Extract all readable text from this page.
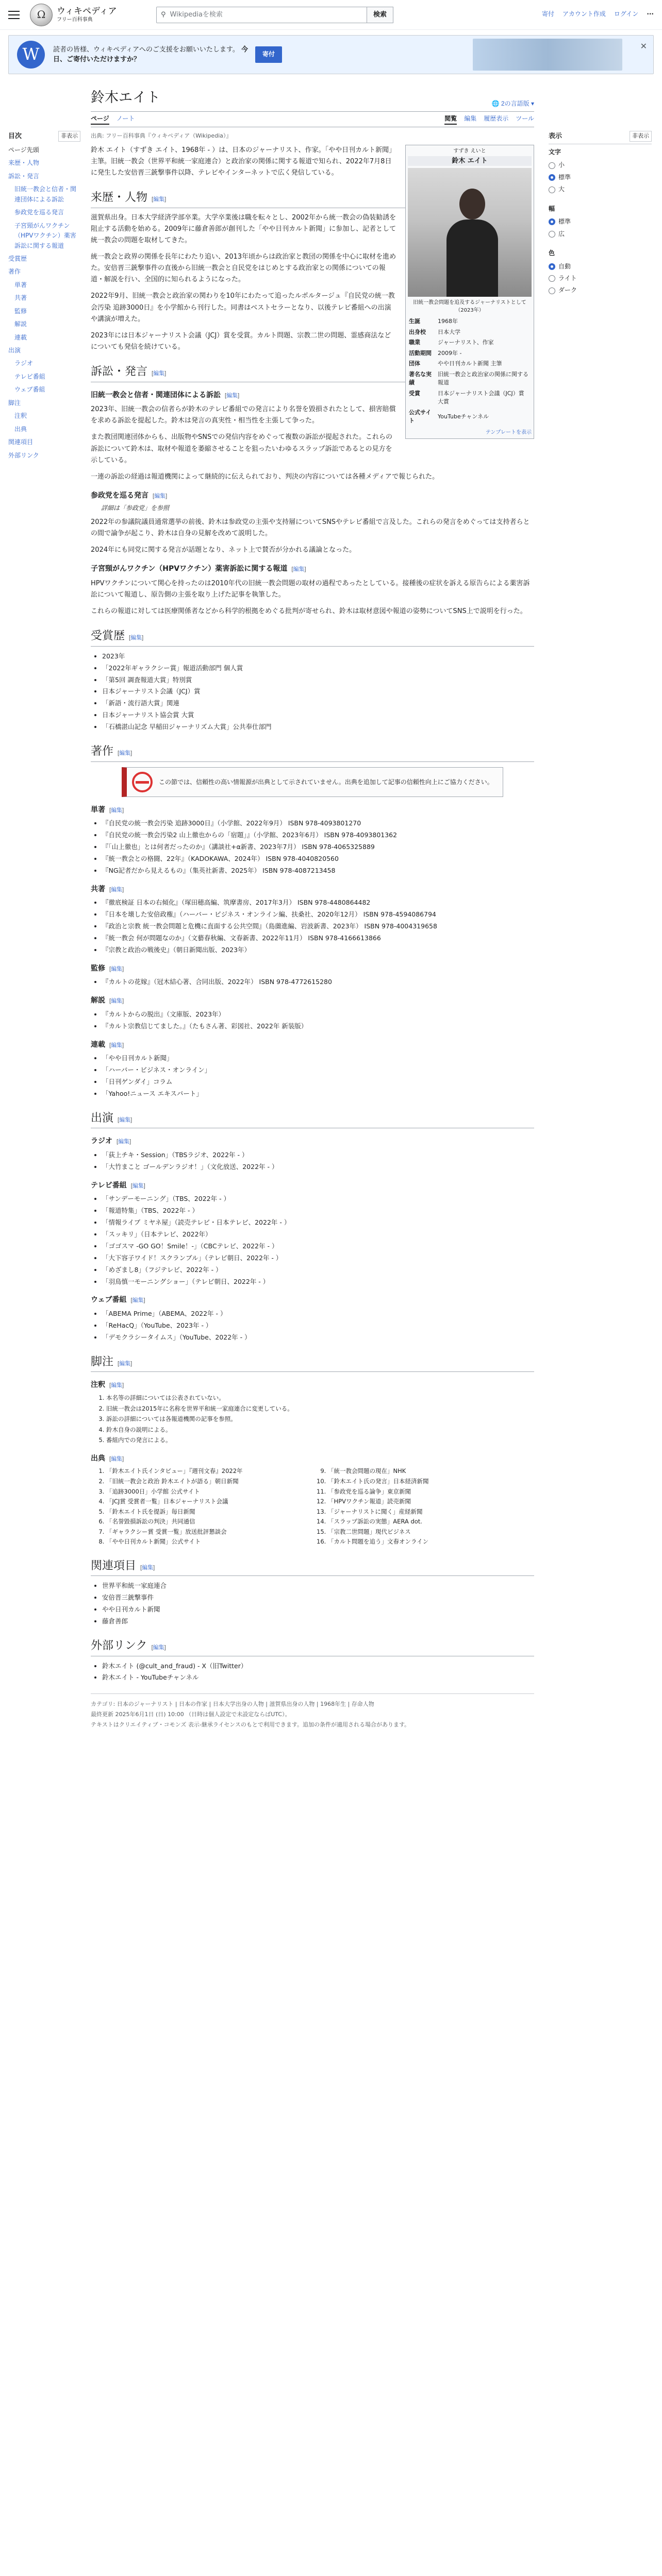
Ω	ウィキペディア
フリー百科事典
⚲ Wikipediaを検索	検索	寄付 アカウント作成 ログイン ···
W	読者の皆様、ウィキペディアへのご支援をお願いいたします。 今日、ご寄付いただけますか？
寄付
✕
目次	非表示
ページ先頭
来歴・人物
訴訟・発言
旧統一教会と信者・関連団体による訴訟
参政党を巡る発言
子宮頸がんワクチン（HPVワクチン）薬害訴訟に関する報道
受賞歴
著作
単著
共著
監修
解説
連載
出演
ラジオ
テレビ番組
ウェブ番組
脚注
注釈
出典
関連項目
外部リンク
鈴木エイト	🌐 2の言語版 ▾
ページ ノート	閲覧 編集 履歴表示 ツール
出典: フリー百科事典『ウィキペディア（Wikipedia）』
すずき えいと
鈴木 エイト
旧統一教会問題を追及するジャーナリストとして（2023年）
生誕	1968年
出身校	日本大学
職業	ジャーナリスト、作家
活動期間	2009年 -
団体	やや日刊カルト新聞 主筆
著名な実績	旧統一教会と政治家の関係に関する報道
受賞	日本ジャーナリスト会議（JCJ）賞 大賞
公式サイト	YouTubeチャンネル
テンプレートを表示

鈴木 エイト（すずき エイト、1968年 - ）は、日本のジャーナリスト、作家。「やや日刊カルト新聞」主筆。旧統一教会（世界平和統一家庭連合）と政治家の関係に関する報道で知られ、2022年7月8日に発生した安倍晋三銃撃事件以降、テレビやインターネットで広く発信している。

来歴・人物 [編集]

滋賀県出身。日本大学経済学部卒業。大学卒業後は職を転々とし、2002年から統一教会の偽装勧誘を阻止する活動を始める。2009年に藤倉善郎が創刊した「やや日刊カルト新聞」に参加し、記者として統一教会の問題を取材してきた。

統一教会と政界の関係を長年にわたり追い、2013年頃からは政治家と教団の関係を中心に取材を進めた。安倍晋三銃撃事件の直後から旧統一教会と自民党をはじめとする政治家との関係についての報道・解説を行い、全国的に知られるようになった。

2022年9月、旧統一教会と政治家の関わりを10年にわたって追ったルポルタージュ『自民党の統一教会汚染 追跡3000日』を小学館から刊行した。同書はベストセラーとなり、以後テレビ番組への出演や講演が増えた。

2023年には日本ジャーナリスト会議（JCJ）賞を受賞。カルト問題、宗教二世の問題、霊感商法などについても発信を続けている。

訴訟・発言 [編集]
旧統一教会と信者・関連団体による訴訟 [編集]

2023年、旧統一教会の信者らが鈴木のテレビ番組での発言により名誉を毀損されたとして、損害賠償を求める訴訟を提起した。鈴木は発言の真実性・相当性を主張して争った。

また教団関連団体からも、出版物やSNSでの発信内容をめぐって複数の訴訟が提起された。これらの訴訟について鈴木は、取材や報道を萎縮させることを狙ったいわゆるスラップ訴訟であるとの見方を示している。

一連の訴訟の経過は報道機関によって継続的に伝えられており、判決の内容については各種メディアで報じられた。

参政党を巡る発言 [編集]
詳細は「参政党」を参照

2022年の参議院議員通常選挙の前後、鈴木は参政党の主張や支持層についてSNSやテレビ番組で言及した。これらの発言をめぐっては支持者らとの間で論争が起こり、鈴木は自身の見解を改めて説明した。

2024年にも同党に関する発言が話題となり、ネット上で賛否が分かれる議論となった。

子宮頸がんワクチン（HPVワクチン）薬害訴訟に関する報道 [編集]

HPVワクチンについて関心を持ったのは2010年代の旧統一教会問題の取材の過程であったとしている。接種後の症状を訴える原告らによる薬害訴訟について報道し、原告側の主張を取り上げた記事を執筆した。

これらの報道に対しては医療関係者などから科学的根拠をめぐる批判が寄せられ、鈴木は取材意図や報道の姿勢についてSNS上で説明を行った。

受賞歴 [編集]
• 2023年
• 「2022年ギャラクシー賞」報道活動部門 個人賞
• 「第5回 調査報道大賞」特別賞
• 日本ジャーナリスト会議（JCJ）賞
• 「新語・流行語大賞」関連
• 日本ジャーナリスト協会賞 大賞
• 「石橋湛山記念 早稲田ジャーナリズム大賞」公共奉仕部門
著作 [編集]
この節では、信頼性の高い情報源が出典として示されていません。出典を追加して記事の信頼性向上にご協力ください。
単著 [編集]
• 『自民党の統一教会汚染 追跡3000日』（小学館、2022年9月） ISBN 978-4093801270
• 『自民党の統一教会汚染2 山上徹也からの「宿題」』（小学館、2023年6月） ISBN 978-4093801362
• 『「山上徹也」とは何者だったのか』（講談社+α新書、2023年7月） ISBN 978-4065325889
• 『統一教会との格闘、22年』（KADOKAWA、2024年） ISBN 978-4040820560
• 『NG記者だから見えるもの』（集英社新書、2025年） ISBN 978-4087213458
共著 [編集]
• 『徹底検証 日本の右傾化』（塚田穂高編、筑摩書房、2017年3月） ISBN 978-4480864482
• 『日本を壊した安倍政権』（ハーバー・ビジネス・オンライン編、扶桑社、2020年12月） ISBN 978-4594086794
• 『政治と宗教 統一教会問題と危機に直面する公共空間』（島薗進編、岩波新書、2023年） ISBN 978-4004319658
• 『統一教会 何が問題なのか』（文藝春秋編、文春新書、2022年11月） ISBN 978-4166613866
• 『宗教と政治の戦後史』（朝日新聞出版、2023年）
監修 [編集]
• 『カルトの花嫁』（冠木結心著、合同出版、2022年） ISBN 978-4772615280
解説 [編集]
• 『カルトからの脱出』（文庫版、2023年）
• 『カルト宗教信じてました。』（たもさん著、彩図社、2022年 新装版）
連載 [編集]
• 「やや日刊カルト新聞」
• 「ハーバー・ビジネス・オンライン」
• 「日刊ゲンダイ」コラム
• 「Yahoo!ニュース エキスパート」
出演 [編集]
ラジオ [編集]
• 「荻上チキ・Session」（TBSラジオ、2022年 - ）
• 「大竹まこと ゴールデンラジオ！」（文化放送、2022年 - ）
テレビ番組 [編集]
• 「サンデーモーニング」（TBS、2022年 - ）
• 「報道特集」（TBS、2022年 - ）
• 「情報ライブ ミヤネ屋」（読売テレビ・日本テレビ、2022年 - ）
• 「スッキリ」（日本テレビ、2022年）
• 「ゴゴスマ -GO GO！Smile！-」（CBCテレビ、2022年 - ）
• 「大下容子ワイド！スクランブル」（テレビ朝日、2022年 - ）
• 「めざまし8」（フジテレビ、2022年 - ）
• 「羽鳥慎一モーニングショー」（テレビ朝日、2022年 - ）
ウェブ番組 [編集]
• 「ABEMA Prime」（ABEMA、2022年 - ）
• 「ReHacQ」（YouTube、2023年 - ）
• 「デモクラシータイムス」（YouTube、2022年 - ）
脚注 [編集]
注釈 [編集]
1. 本名等の詳細については公表されていない。
2. 旧統一教会は2015年に名称を世界平和統一家庭連合に変更している。
3. 訴訟の詳細については各報道機関の記事を参照。
4. 鈴木自身の説明による。
5. 番組内での発言による。
出典 [編集]
1. 「鈴木エイト氏インタビュー」『週刊文春』2022年
2. 「旧統一教会と政治 鈴木エイトが語る」朝日新聞
3. 「追跡3000日」小学館 公式サイト
4. 「JCJ賞 受賞者一覧」日本ジャーナリスト会議
5. 「鈴木エイト氏を提訴」毎日新聞
6. 「名誉毀損訴訟の判決」共同通信
7. 「ギャラクシー賞 受賞一覧」放送批評懇談会
8. 「やや日刊カルト新聞」公式サイト
9. 「統一教会問題の現在」NHK
10. 「鈴木エイト氏の発言」日本経済新聞
11. 「参政党を巡る論争」東京新聞
12. 「HPVワクチン報道」読売新聞
13. 「ジャーナリストに聞く」産経新聞
14. 「スラップ訴訟の実態」AERA dot.
15. 「宗教二世問題」現代ビジネス
16. 「カルト問題を追う」文春オンライン
関連項目 [編集]
• 世界平和統一家庭連合
• 安倍晋三銃撃事件
• やや日刊カルト新聞
• 藤倉善郎
外部リンク [編集]
• 鈴木エイト (@cult_and_fraud) - X（旧Twitter）
• 鈴木エイト - YouTubeチャンネル
カテゴリ: 日本のジャーナリスト | 日本の作家 | 日本大学出身の人物 | 滋賀県出身の人物 | 1968年生 | 存命人物
最終更新 2025年6月1日 (日) 10:00 （日時は個人設定で未設定ならばUTC）。
テキストはクリエイティブ・コモンズ 表示-継承ライセンスのもとで利用できます。追加の条件が適用される場合があります。
表示	非表示
文字
小
標準
大
幅
標準
広
色
自動
ライト
ダーク
